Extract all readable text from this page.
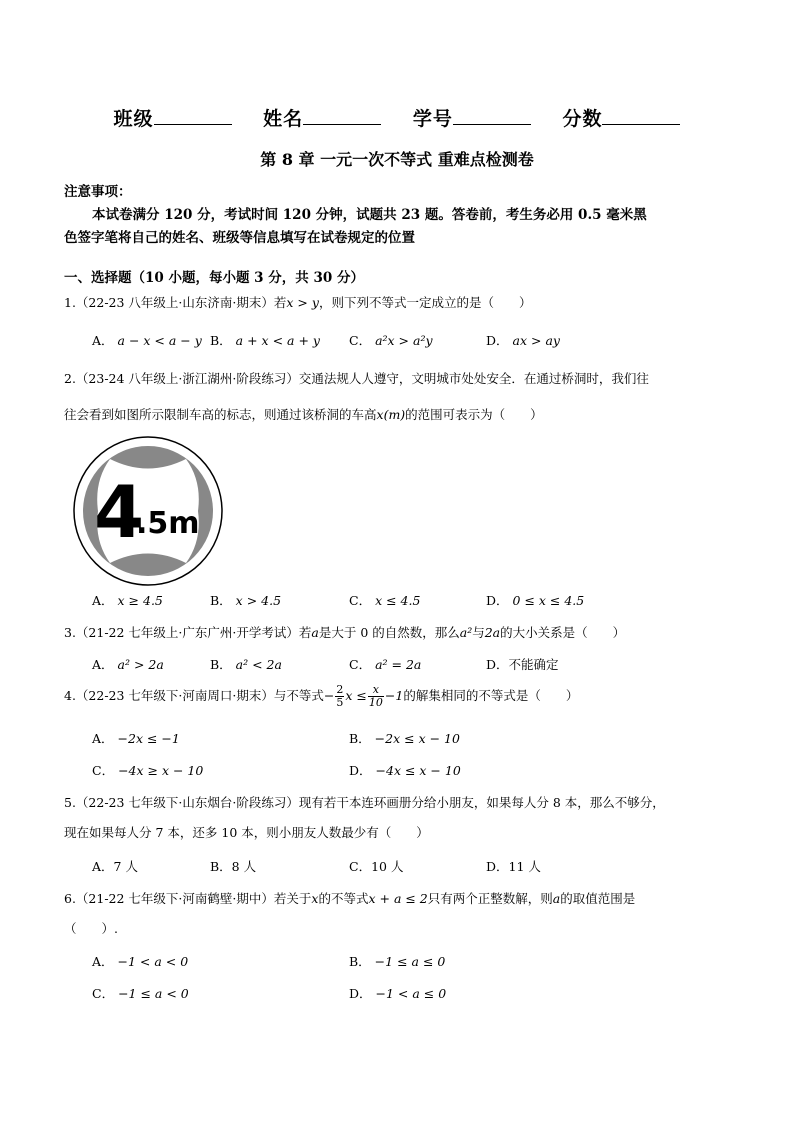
班级	姓名	学号	分数
第 8 章 一元一次不等式 重难点检测卷
注意事项：
本试卷满分 120 分，考试时间 120 分钟，试题共 23 题。答卷前，考生务必用 0.5 毫米黑
色签字笔将自己的姓名、班级等信息填写在试卷规定的位置
一、选择题（10 小题，每小题 3 分，共 30 分）
1.（22-23 八年级上·山东济南·期末）若x > y，则下列不等式一定成立的是（　　）
A． a − x < a − y B． a + x < a + y C． a²x > a²y	D． ax > ay
2.（23-24 八年级上·浙江湖州·阶段练习）交通法规人人遵守，文明城市处处安全．在通过桥洞时，我们往
往会看到如图所示限制车高的标志，则通过该桥洞的车高x(m)的范围可表示为（　　）
4
.5m
A． x ≥ 4.5	B． x > 4.5	C． x ≤ 4.5	D． 0 ≤ x ≤ 4.5
3.（21-22 七年级上·广东广州·开学考试）若a是大于 0 的自然数，那么a²与2a的大小关系是（　　）
A． a² > 2a	B． a² < 2a	C． a² = 2a	D．不能确定
4.（22-23 七年级下·河南周口·期末）与不等式− $\frac{2}{5}$ $x \le \frac{x}{10} -1$的解集相同的不等式是（　　）
A． −2x ≤ −1	B． −2x ≤ x − 10
C． −4x ≥ x − 10	D． −4x ≤ x − 10
5.（22-23 七年级下·山东烟台·阶段练习）现有若干本连环画册分给小朋友，如果每人分 8 本，那么不够分，
现在如果每人分 7 本，还多 10 本，则小朋友人数最少有（　　）
A．7 人	B．8 人	C．10 人	D．11 人
6.（21-22 七年级下·河南鹤壁·期中）若关于x的不等式x + a ≤ 2只有两个正整数解，则a的取值范围是
（　　）.
A． −1 < a < 0	B． −1 ≤ a ≤ 0
C． −1 ≤ a < 0	D． −1 < a ≤ 0
